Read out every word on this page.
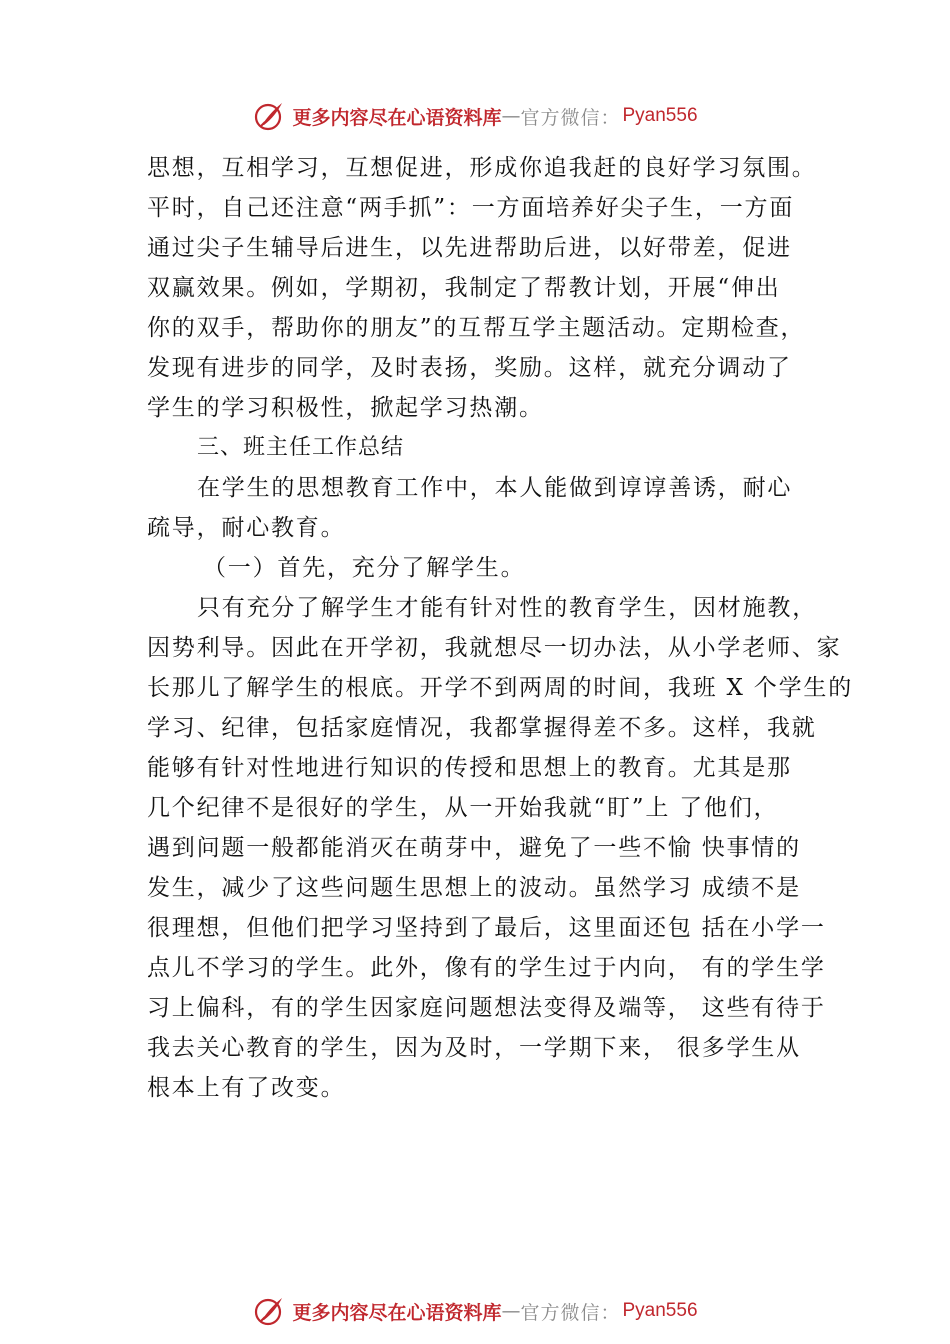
更多内容尽在心语资料库 — 官方微信： Pyan556
思想，互相学习，互想促进，形成你追我赶的良好学习氛围。
平时，自己还注意“两手抓”：一方面培养好尖子生，一方面
通过尖子生辅导后进生，以先进帮助后进，以好带差，促进
双赢效果。例如，学期初，我制定了帮教计划，开展“伸出
你的双手，帮助你的朋友”的互帮互学主题活动。定期检查，
发现有进步的同学，及时表扬，奖励。这样，就充分调动了
学生的学习积极性，掀起学习热潮。
三、班主任工作总结
在学生的思想教育工作中，本人能做到谆谆善诱，耐心
疏导，耐心教育。
（一）首先，充分了解学生。
只有充分了解学生才能有针对性的教育学生，因材施教，
因势利导。因此在开学初，我就想尽一切办法，从小学老师、家
长那儿了解学生的根底。开学不到两周的时间，我班 X 个学生的
学习、纪律，包括家庭情况，我都掌握得差不多。这样，我就
能够有针对性地进行知识的传授和思想上的教育。尤其是那
几个纪律不是很好的学生，从一开始我就“盯”上 了他们，
遇到问题一般都能消灭在萌芽中，避免了一些不愉 快事情的
发生，减少了这些问题生思想上的波动。虽然学习 成绩不是
很理想，但他们把学习坚持到了最后，这里面还包 括在小学一
点儿不学习的学生。此外，像有的学生过于内向， 有的学生学
习上偏科，有的学生因家庭问题想法变得及端等， 这些有待于
我去关心教育的学生，因为及时，一学期下来， 很多学生从
根本上有了改变。
更多内容尽在心语资料库 — 官方微信： Pyan556
